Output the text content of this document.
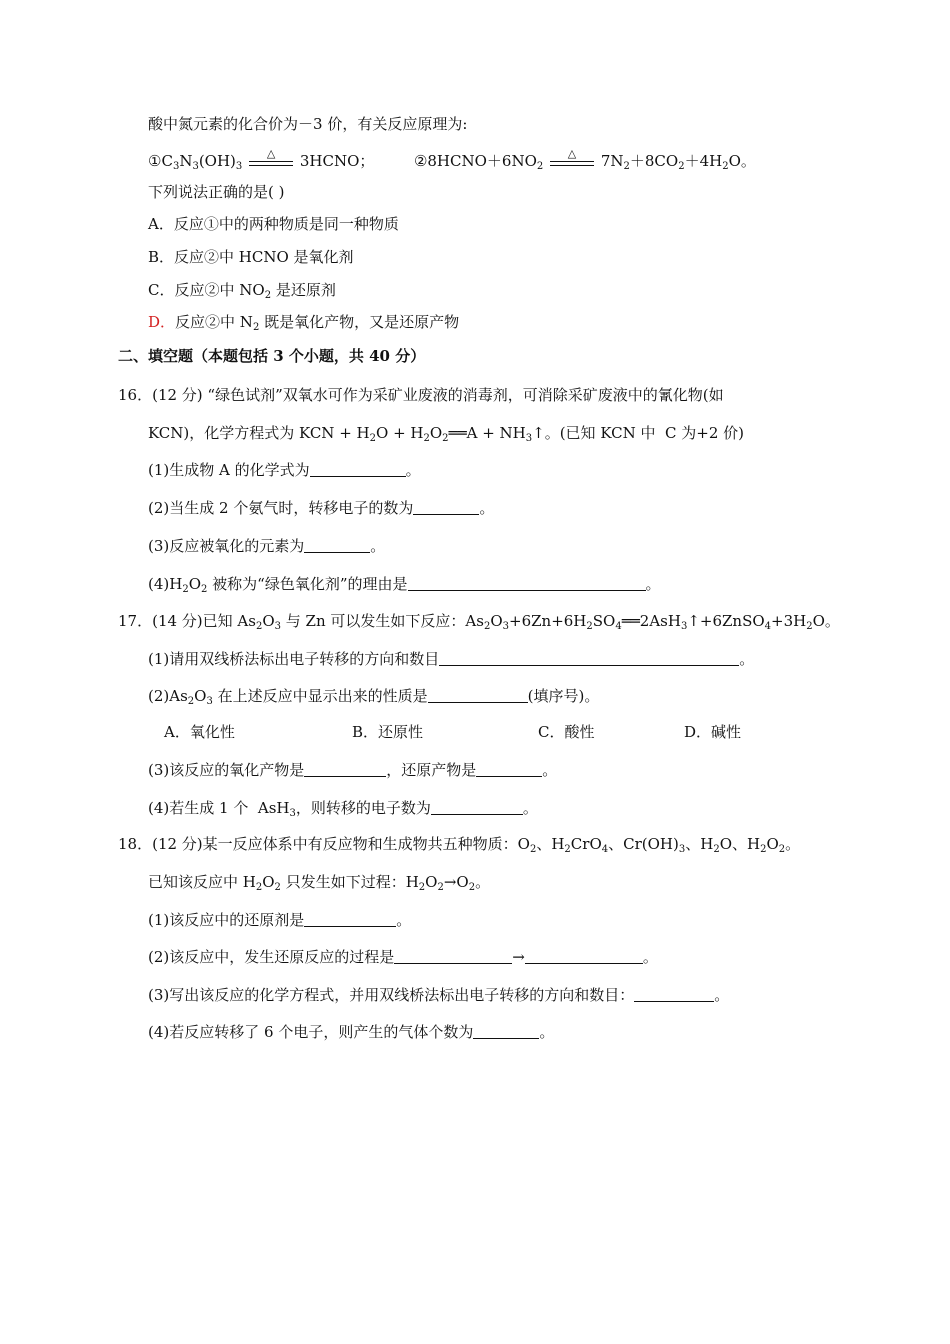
酸中氮元素的化合价为－3 价，有关反应原理为:
$①C_3N_3(OH)_3$
△	3HCNO；	$②8HCNO+6NO_2$
△	$7N_2+8CO_2+4H_2O$。
下列说法正确的是( )
A．反应①中的两种物质是同一种物质
B．反应②中 HCNO 是氧化剂
C．反应②中 $NO_2$ 是还原剂
D．反应②中 $N_2$ 既是氧化产物，又是还原产物
二、填空题（本题包括 3 个小题，共 40 分）
16．(12 分) “绿色试剂”双氧水可作为采矿业废液的消毒剂，可消除采矿废液中的氰化物(如
KCN)，化学方程式为 KCN + $H_2O$ + $H_2O_2══A$ + $NH_3↑$。(已知 KCN 中  C 为+2 价)
(1)生成物 A 的化学式为	。
(2)当生成 2 个氨气时，转移电子的数为	。
(3)反应被氧化的元素为	。
$(4)H_2O_2$ 被称为“绿色氧化剂”的理由是	。
17．(14 分)已知 $As_2O_3$ 与 Zn 可以发生如下反应：$As_2O_3+6Zn+6H_2SO_4══2AsH_3↑+6ZnSO_4+3H_2O$。
(1)请用双线桥法标出电子转移的方向和数目	。
$(2)As_2O_3$ 在上述反应中显示出来的性质是	(填序号)。
A．氧化性	B．还原性	C．酸性	D．碱性
(3)该反应的氧化产物是	，还原产物是	。
(4)若生成 1 个  AsH$_3$，则转移的电子数为	。
18．(12 分)某一反应体系中有反应物和生成物共五种物质：$O_2$、$H_2CrO_4$、$Cr(OH)_3$、$H_2O$、$H_2O_2$。
已知该反应中 $H_2O_2$ 只发生如下过程：$H_2O_2\to O_2$。
(1)该反应中的还原剂是	。
(2)该反应中，发生还原反应的过程是	→	。
(3)写出该反应的化学方程式，并用双线桥法标出电子转移的方向和数目：	。
(4)若反应转移了 6 个电子，则产生的气体个数为	。
